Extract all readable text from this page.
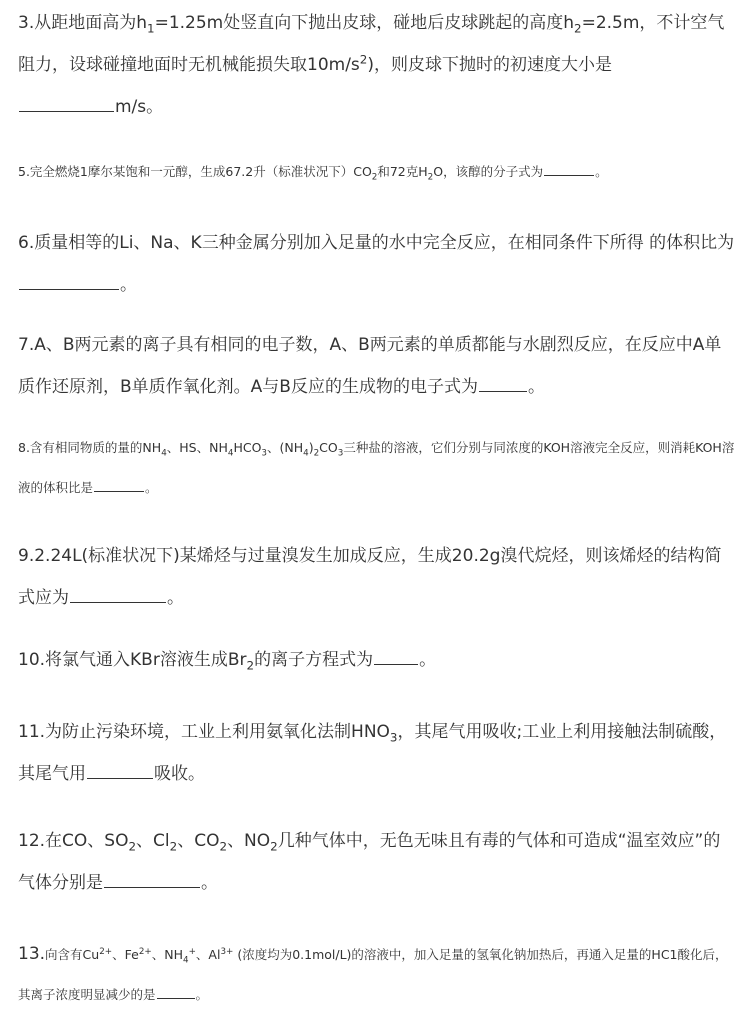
3.从距地面高为$h_1=1.25m$处竖直向下抛出皮球，碰地后皮球跳起的高度$h_2=2.5m$，不计空气阻力，设球碰撞地面时无机械能损失取$10m/s^2$)，则皮球下抛时的初速度大小是
m/s。

5.完全燃烧1摩尔某饱和一元醇，生成67.2升（标准状况下）$CO_2$和72克$H_2O$，该醇的分子式为	。

6.质量相等的Li、Na、K三种金属分别加入足量的水中完全反应，在相同条件下所得 的体积比为。

7.A、B两元素的离子具有相同的电子数，A、B两元素的单质都能与水剧烈反应，在反应中A单质作还原剂，B单质作氧化剂。A与B反应的生成物的电子式为	。

8.含有相同物质的量的$NH_4$、HS、$NH_4HCO_3$、$(NH_4)_2CO_3$三种盐的溶液，它们分别与同浓度的KOH溶液完全反应，则消耗KOH溶液的体积比是	。

9.2.24L(标准状况下)某烯烃与过量溴发生加成反应，生成20.2g溴代烷烃，则该烯烃的结构简式应为	。

10.将氯气通入KBr溶液生成$Br_2$的离子方程式为	。

11.为防止污染环境，工业上利用氨氧化法制$HNO_3$，其尾气用吸收;工业上利用接触法制硫酸，其尾气用	吸收。

12.在CO、$SO_2$、$Cl_2$、$CO_2$、$NO_2$几种气体中，无色无味且有毒的气体和可造成“温室效应”的气体分别是	。

13.向含有$Cu^{2+}$、$Fe^{2+}$、$NH_4^+$、$Al^{3+}$ (浓度均为0.1mol/L)的溶液中，加入足量的氢氧化钠加热后，再通入足量的HC1酸化后，其离子浓度明显减少的是	。
